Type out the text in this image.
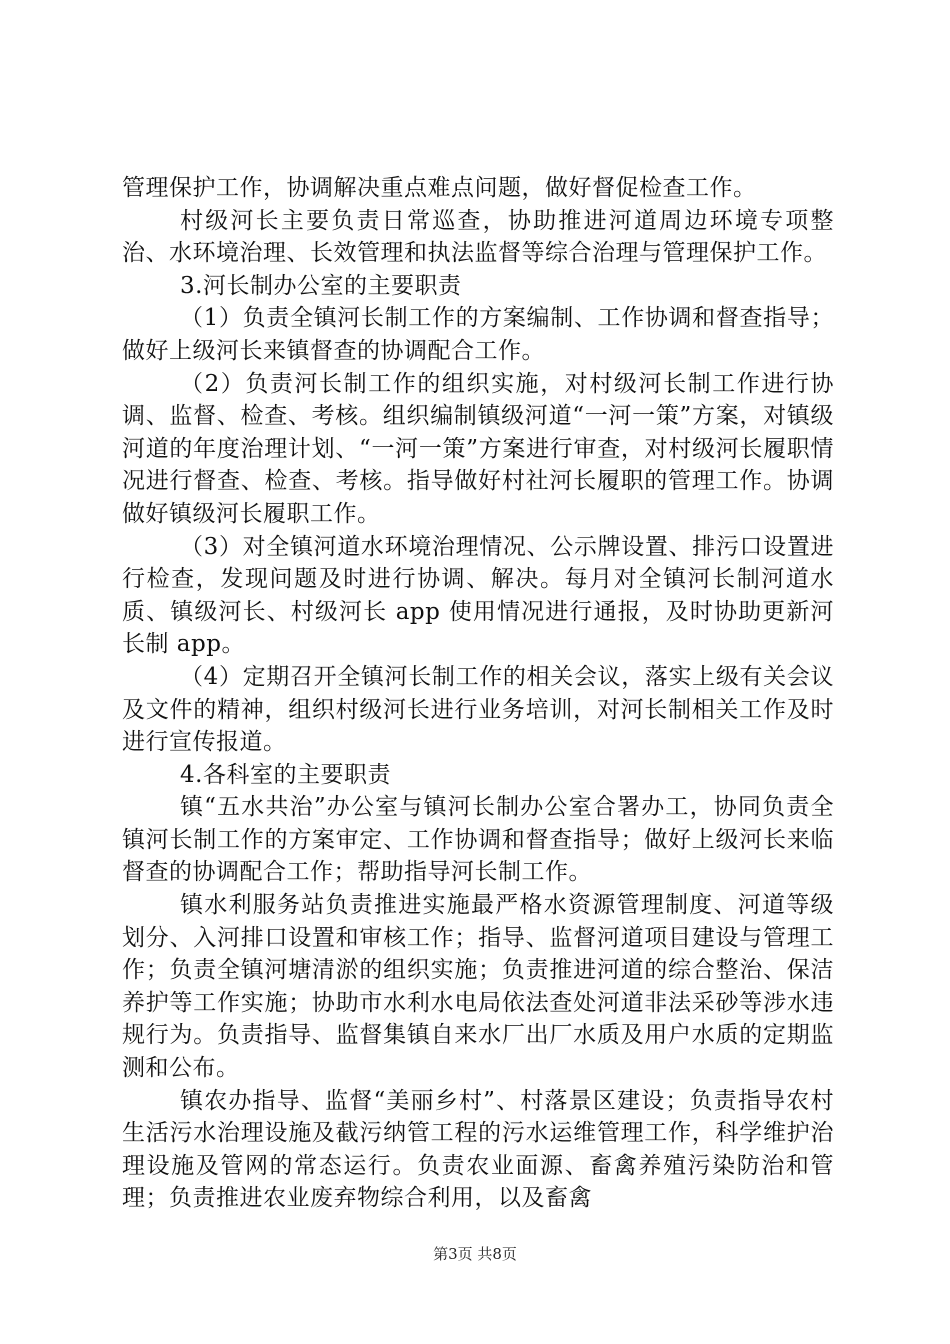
管理保护工作，协调解决重点难点问题，做好督促检查工作。

村级河长主要负责日常巡查，协助推进河道周边环境专项整治、水环境治理、长效管理和执法监督等综合治理与管理保护工作。

3.河长制办公室的主要职责

（1）负责全镇河长制工作的方案编制、工作协调和督查指导；做好上级河长来镇督查的协调配合工作。

（2）负责河长制工作的组织实施，对村级河长制工作进行协调、监督、检查、考核。组织编制镇级河道“一河一策”方案，对镇级河道的年度治理计划、“一河一策”方案进行审查，对村级河长履职情况进行督查、检查、考核。指导做好村社河长履职的管理工作。协调做好镇级河长履职工作。

（3）对全镇河道水环境治理情况、公示牌设置、排污口设置进行检查，发现问题及时进行协调、解决。每月对全镇河长制河道水质、镇级河长、村级河长 app 使用情况进行通报，及时协助更新河长制 app。

（4）定期召开全镇河长制工作的相关会议，落实上级有关会议及文件的精神，组织村级河长进行业务培训，对河长制相关工作及时进行宣传报道。

4.各科室的主要职责

镇“五水共治”办公室与镇河长制办公室合署办工，协同负责全镇河长制工作的方案审定、工作协调和督查指导；做好上级河长来临督查的协调配合工作；帮助指导河长制工作。

镇水利服务站负责推进实施最严格水资源管理制度、河道等级划分、入河排口设置和审核工作；指导、监督河道项目建设与管理工作；负责全镇河塘清淤的组织实施；负责推进河道的综合整治、保洁养护等工作实施；协助市水利水电局依法查处河道非法采砂等涉水违规行为。负责指导、监督集镇自来水厂出厂水质及用户水质的定期监测和公布。

镇农办指导、监督“美丽乡村”、村落景区建设；负责指导农村生活污水治理设施及截污纳管工程的污水运维管理工作，科学维护治理设施及管网的常态运行。负责农业面源、畜禽养殖污染防治和管理；负责推进农业废弃物综合利用，以及畜禽

第3页 共8页
